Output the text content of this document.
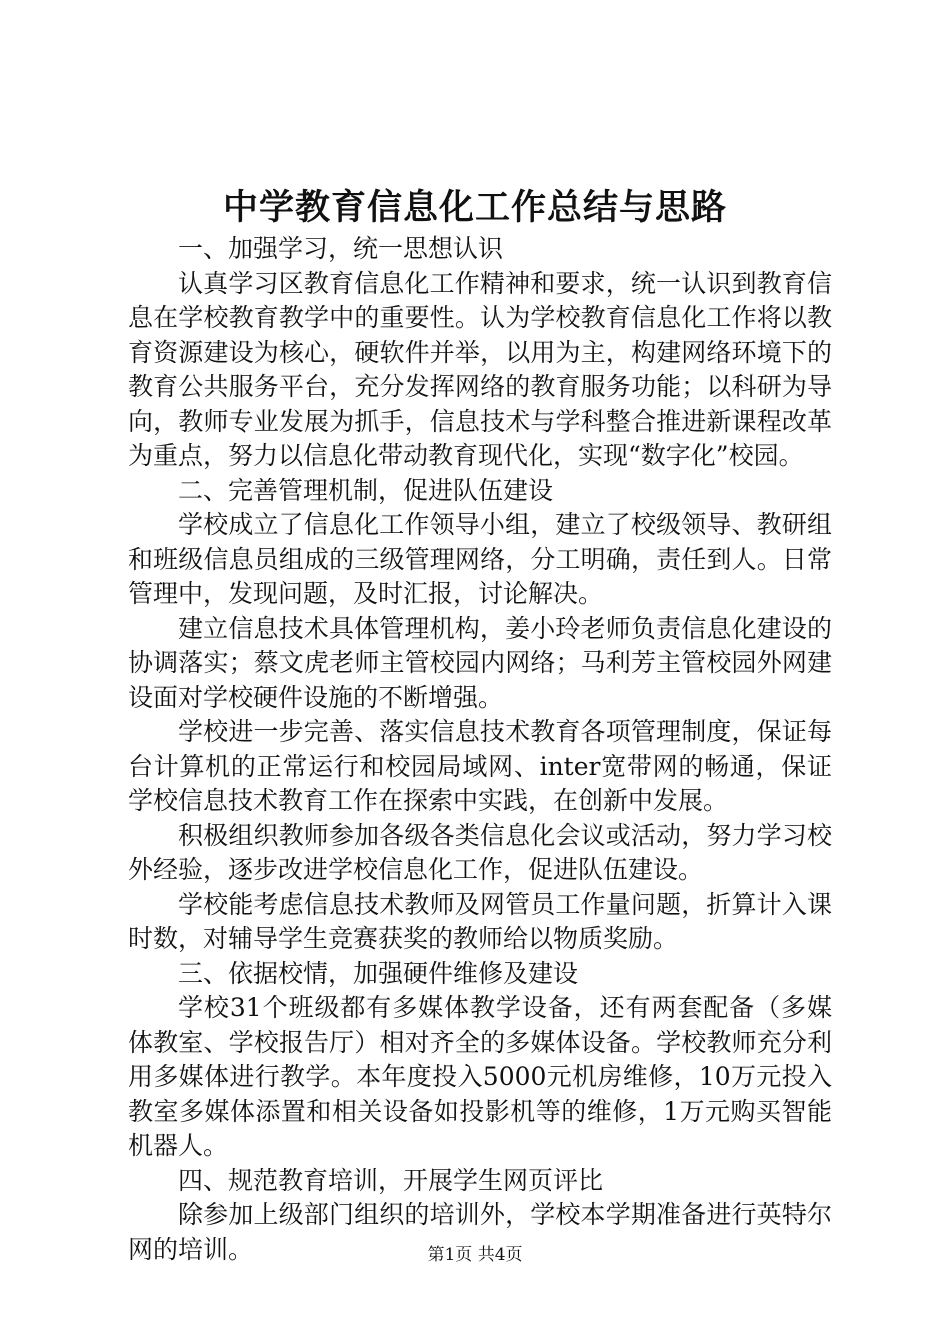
中学教育信息化工作总结与思路

一、加强学习，统一思想认识

认真学习区教育信息化工作精神和要求，统一认识到教育信息在学校教育教学中的重要性。认为学校教育信息化工作将以教育资源建设为核心，硬软件并举，以用为主，构建网络环境下的教育公共服务平台，充分发挥网络的教育服务功能；以科研为导向，教师专业发展为抓手，信息技术与学科整合推进新课程改革为重点，努力以信息化带动教育现代化，实现“数字化”校园。

二、完善管理机制，促进队伍建设

学校成立了信息化工作领导小组，建立了校级领导、教研组和班级信息员组成的三级管理网络，分工明确，责任到人。日常管理中，发现问题，及时汇报，讨论解决。

建立信息技术具体管理机构，姜小玲老师负责信息化建设的协调落实；蔡文虎老师主管校园内网络；马利芳主管校园外网建设面对学校硬件设施的不断增强。

学校进一步完善、落实信息技术教育各项管理制度，保证每台计算机的正常运行和校园局域网、inter宽带网的畅通，保证学校信息技术教育工作在探索中实践，在创新中发展。

积极组织教师参加各级各类信息化会议或活动，努力学习校外经验，逐步改进学校信息化工作，促进队伍建设。

学校能考虑信息技术教师及网管员工作量问题，折算计入课时数，对辅导学生竞赛获奖的教师给以物质奖励。

三、依据校情，加强硬件维修及建设

学校31个班级都有多媒体教学设备，还有两套配备（多媒体教室、学校报告厅）相对齐全的多媒体设备。学校教师充分利用多媒体进行教学。本年度投入5000元机房维修，10万元投入教室多媒体添置和相关设备如投影机等的维修，1万元购买智能机器人。

四、规范教育培训，开展学生网页评比

除参加上级部门组织的培训外，学校本学期准备进行英特尔网的培训。	第1页 共4页
